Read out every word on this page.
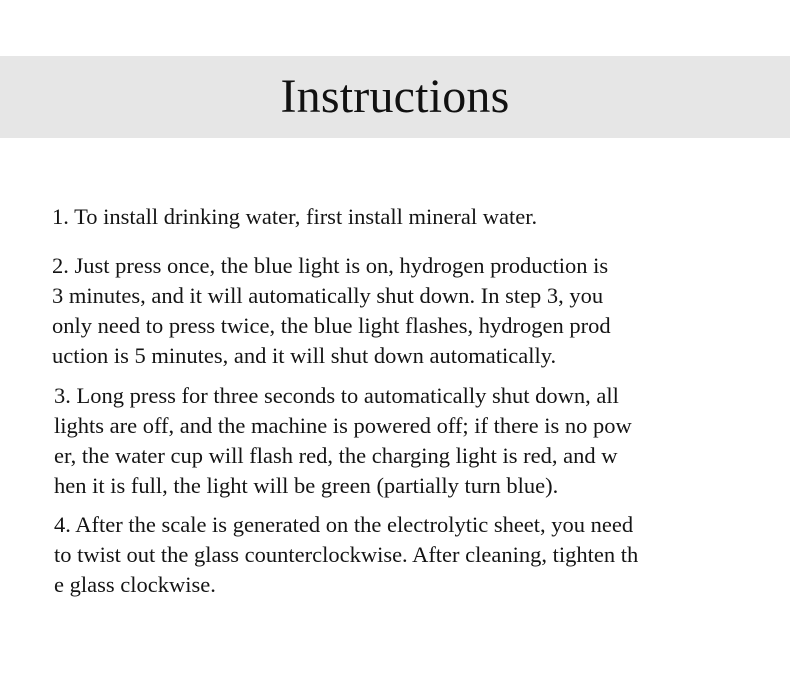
Instructions
1. To install drinking water, first install mineral water.
2. Just press once, the blue light is on, hydrogen production is
3 minutes, and it will automatically shut down. In step 3, you
only need to press twice, the blue light flashes, hydrogen prod
uction is 5 minutes, and it will shut down automatically.
3. Long press for three seconds to automatically shut down, all
lights are off, and the machine is powered off; if there is no pow
er, the water cup will flash red, the charging light is red, and w
hen it is full, the light will be green (partially turn blue).
4. After the scale is generated on the electrolytic sheet, you need
to twist out the glass counterclockwise. After cleaning, tighten th
e glass clockwise.
